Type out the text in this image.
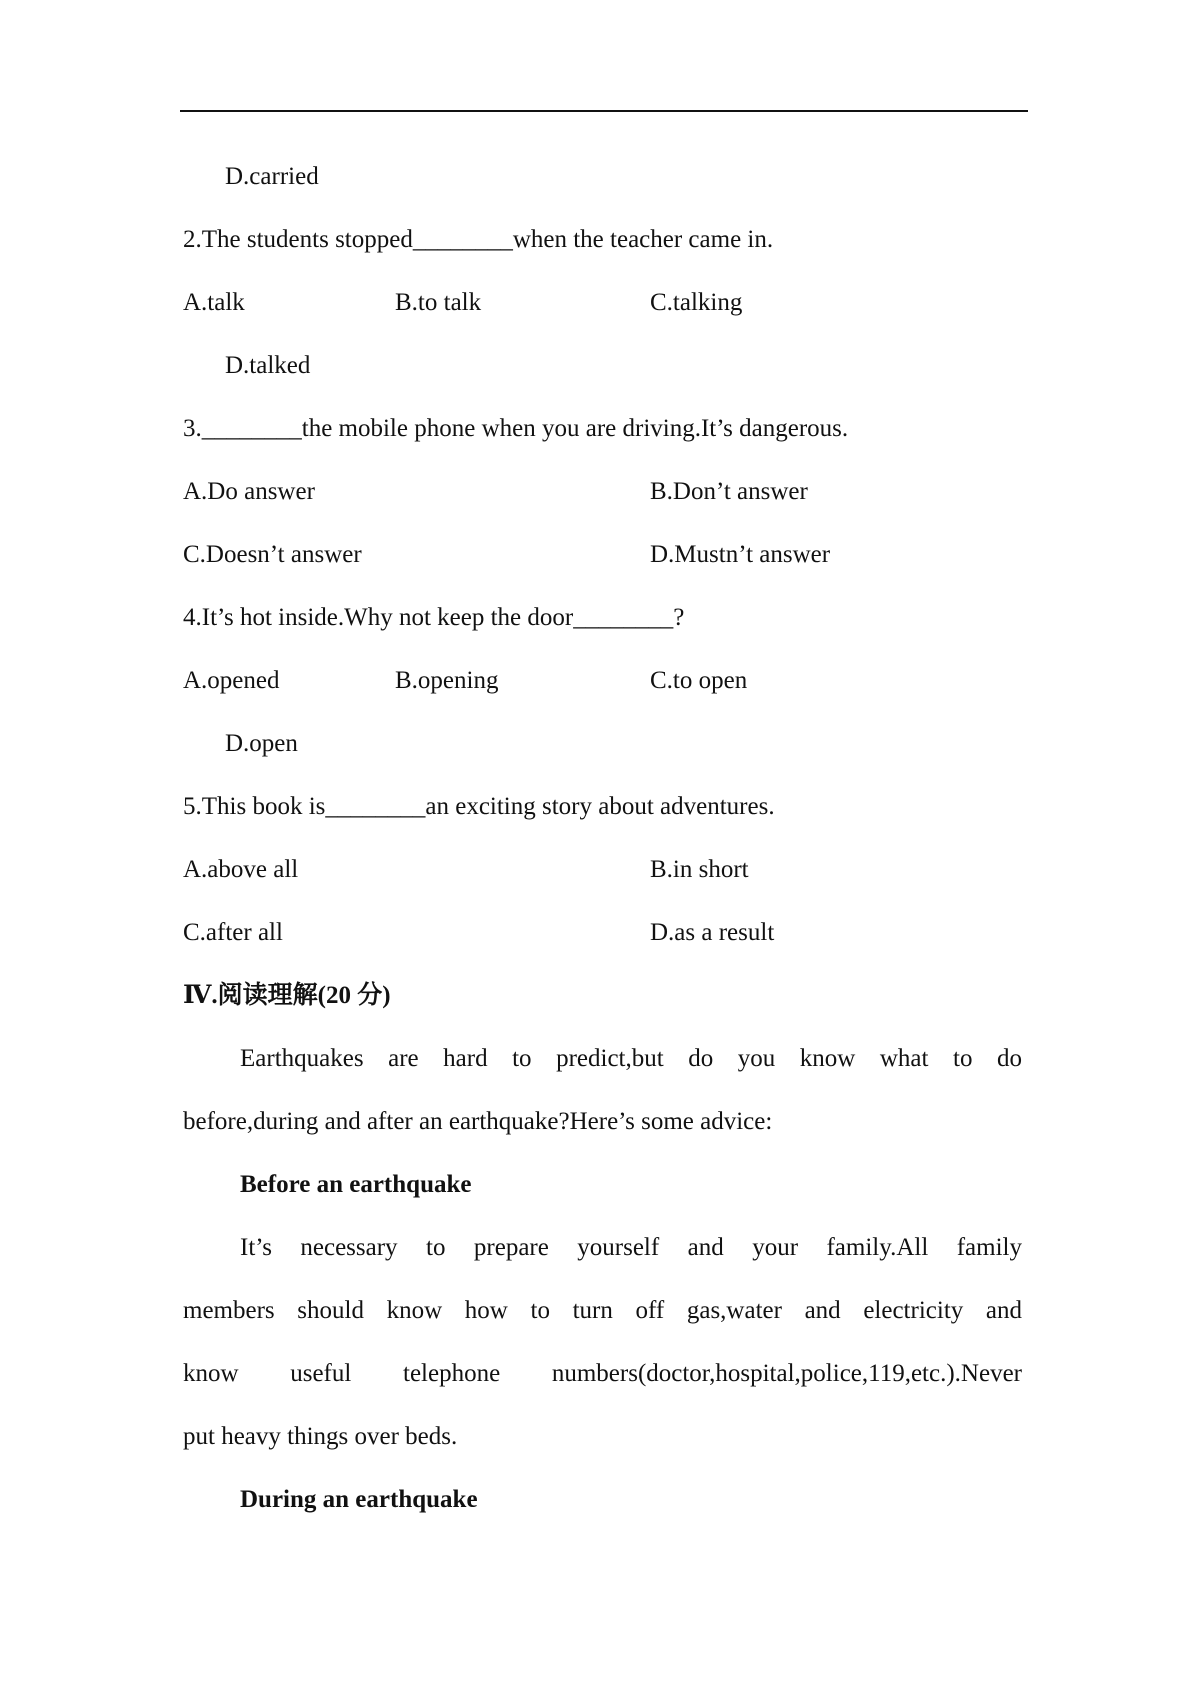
D.carried
2.The students stopped________when the teacher came in.
A.talk	B.to talk	C.talking
D.talked
3.________the mobile phone when you are driving.It’s dangerous.
A.Do answer	B.Don’t answer
C.Doesn’t answer	D.Mustn’t answer
4.It’s hot inside.Why not keep the door________?
A.opened	B.opening	C.to open
D.open
5.This book is________an exciting story about adventures.
A.above all	B.in short
C.after all	D.as a result
Ⅳ.阅读理解(20 分)
Earthquakes are hard to predict,but do you know what to do
before,during and after an earthquake?Here’s some advice:
Before an earthquake
It’s necessary to prepare yourself and your family.All family
members should know how to turn off gas,water and electricity and
know useful telephone numbers(doctor,hospital,police,119,etc.).Never
put heavy things over beds.
During an earthquake
